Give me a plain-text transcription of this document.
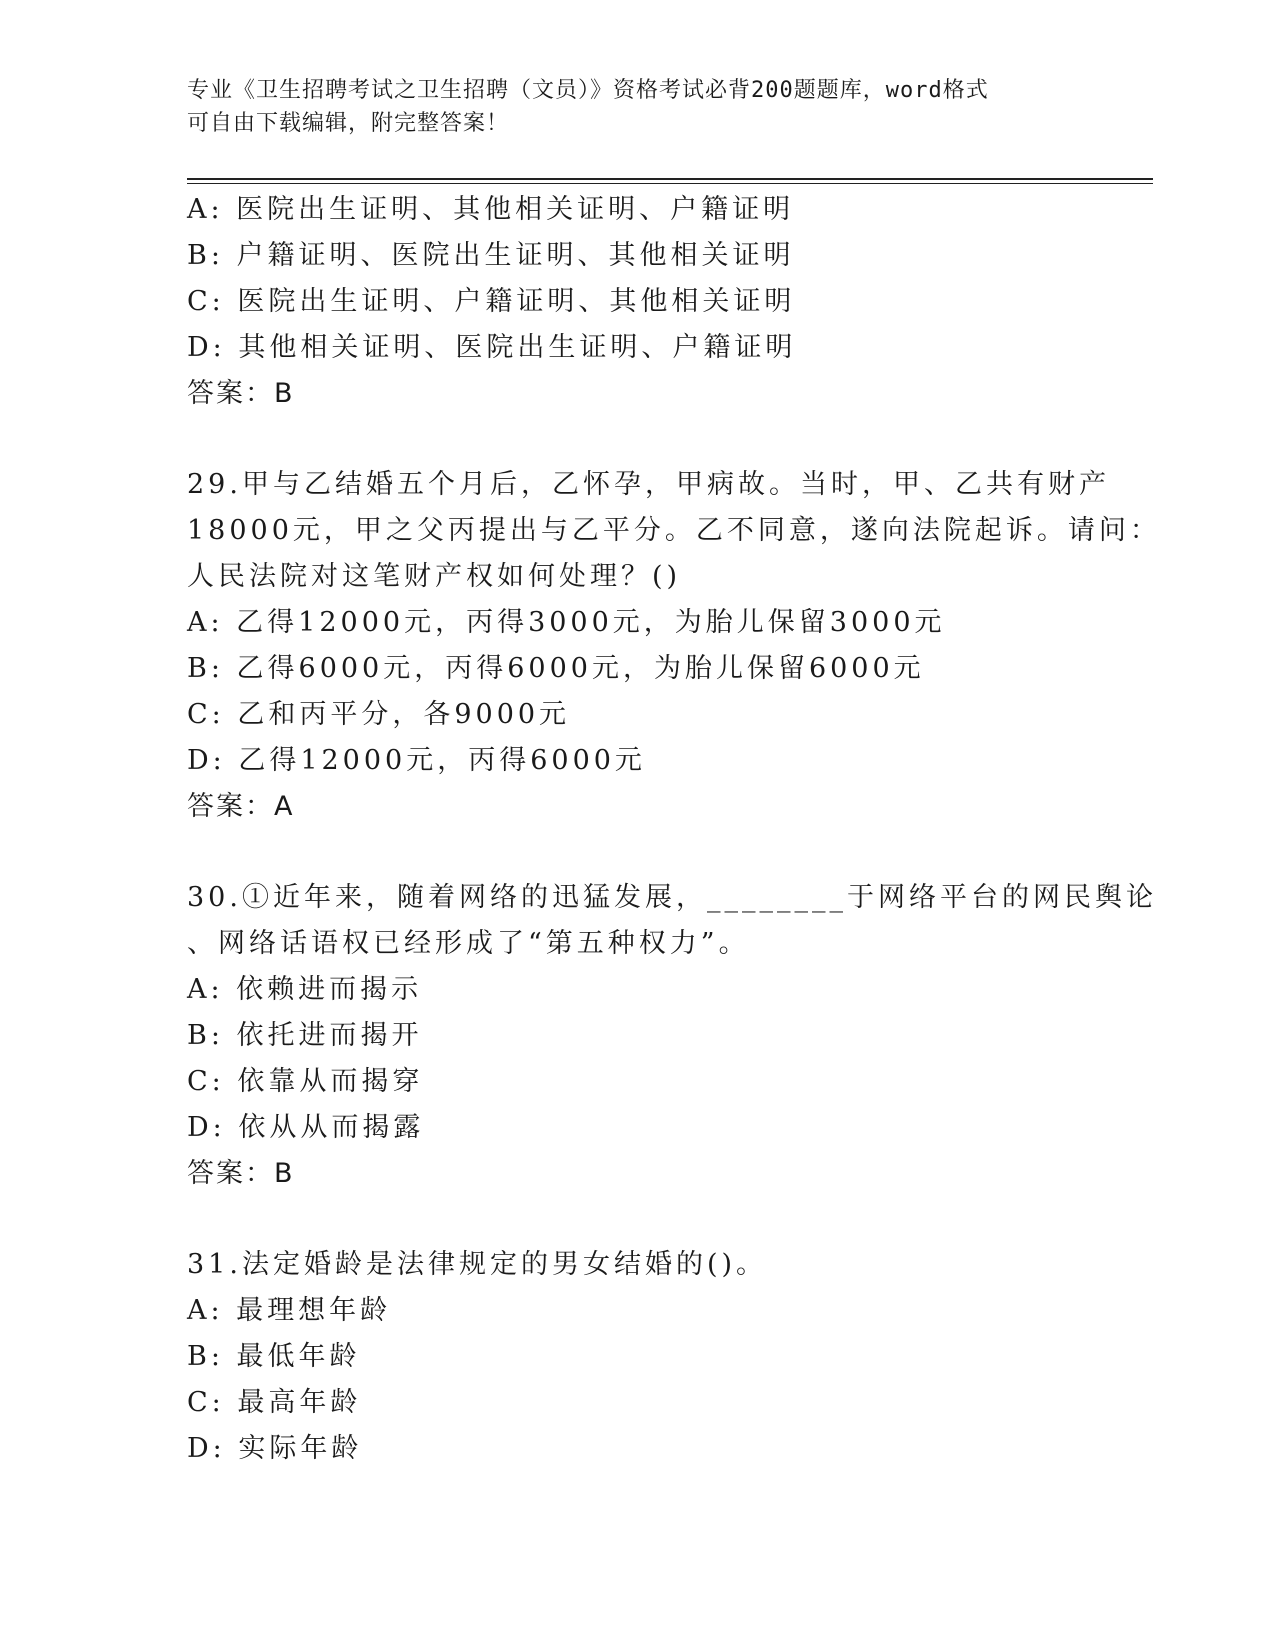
专业《卫生招聘考试之卫生招聘（文员）》资格考试必背200题题库，word格式
可自由下载编辑，附完整答案！
A: 医院出生证明、其他相关证明、户籍证明
B: 户籍证明、医院出生证明、其他相关证明
C: 医院出生证明、户籍证明、其他相关证明
D: 其他相关证明、医院出生证明、户籍证明
答案：B
29.甲与乙结婚五个月后，乙怀孕，甲病故。当时，甲、乙共有财产
18000元，甲之父丙提出与乙平分。乙不同意，遂向法院起诉。请问：
人民法院对这笔财产权如何处理？()
A: 乙得12000元，丙得3000元，为胎儿保留3000元
B: 乙得6000元，丙得6000元，为胎儿保留6000元
C: 乙和丙平分，各9000元
D: 乙得12000元，丙得6000元
答案：A
30.①近年来，随着网络的迅猛发展，________于网络平台的网民舆论
、网络话语权已经形成了“第五种权力”。
A: 依赖进而揭示
B: 依托进而揭开
C: 依靠从而揭穿
D: 依从从而揭露
答案：B
31.法定婚龄是法律规定的男女结婚的()。
A: 最理想年龄
B: 最低年龄
C: 最高年龄
D: 实际年龄
